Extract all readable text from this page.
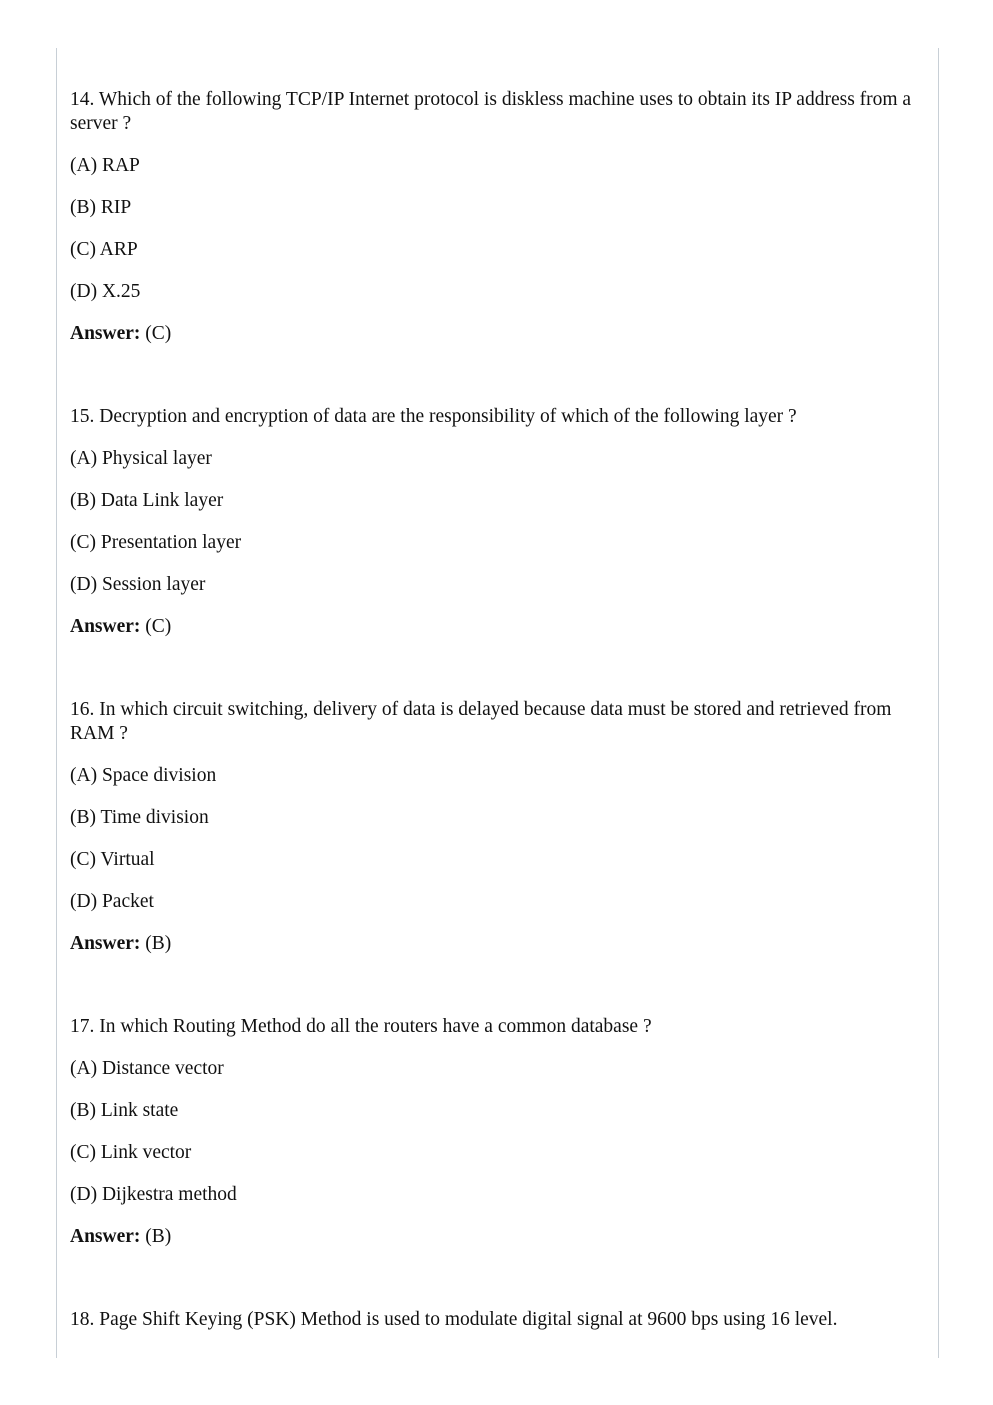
14. Which of the following TCP/IP Internet protocol is diskless machine uses to obtain its IP address from a server ?

(A) RAP

(B) RIP

(C) ARP

(D) X.25

Answer: (C)

15. Decryption and encryption of data are the responsibility of which of the following layer ?

(A) Physical layer

(B) Data Link layer

(C) Presentation layer

(D) Session layer

Answer: (C)

16. In which circuit switching, delivery of data is delayed because data must be stored and retrieved from RAM ?

(A) Space division

(B) Time division

(C) Virtual

(D) Packet

Answer: (B)

17. In which Routing Method do all the routers have a common database ?

(A) Distance vector

(B) Link state

(C) Link vector

(D) Dijkestra method

Answer: (B)

18. Page Shift Keying (PSK) Method is used to modulate digital signal at 9600 bps using 16 level.
